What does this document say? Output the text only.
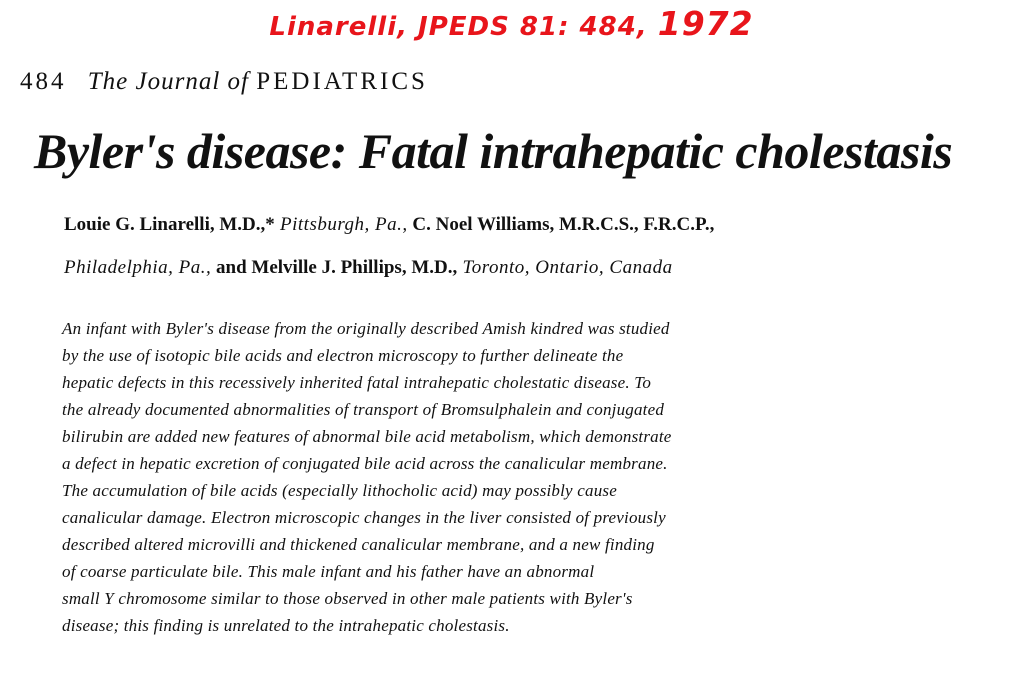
Linarelli, JPEDS 81: 484, 1972
484 The Journal of PEDIATRICS
Byler's disease: Fatal intrahepatic cholestasis
Louie G. Linarelli, M.D.,* Pittsburgh, Pa., C. Noel Williams, M.R.C.S., F.R.C.P.,
Philadelphia, Pa., and Melville J. Phillips, M.D., Toronto, Ontario, Canada
An infant with Byler's disease from the originally described Amish kindred was studied
by the use of isotopic bile acids and electron microscopy to further delineate the
hepatic defects in this recessively inherited fatal intrahepatic cholestatic disease. To
the already documented abnormalities of transport of Bromsulphalein and conjugated
bilirubin are added new features of abnormal bile acid metabolism, which demonstrate
a defect in hepatic excretion of conjugated bile acid across the canalicular membrane.
The accumulation of bile acids (especially lithocholic acid) may possibly cause
canalicular damage. Electron microscopic changes in the liver consisted of previously
described altered microvilli and thickened canalicular membrane, and a new finding
of coarse particulate bile. This male infant and his father have an abnormal
small Y chromosome similar to those observed in other male patients with Byler's
disease; this finding is unrelated to the intrahepatic cholestasis.
